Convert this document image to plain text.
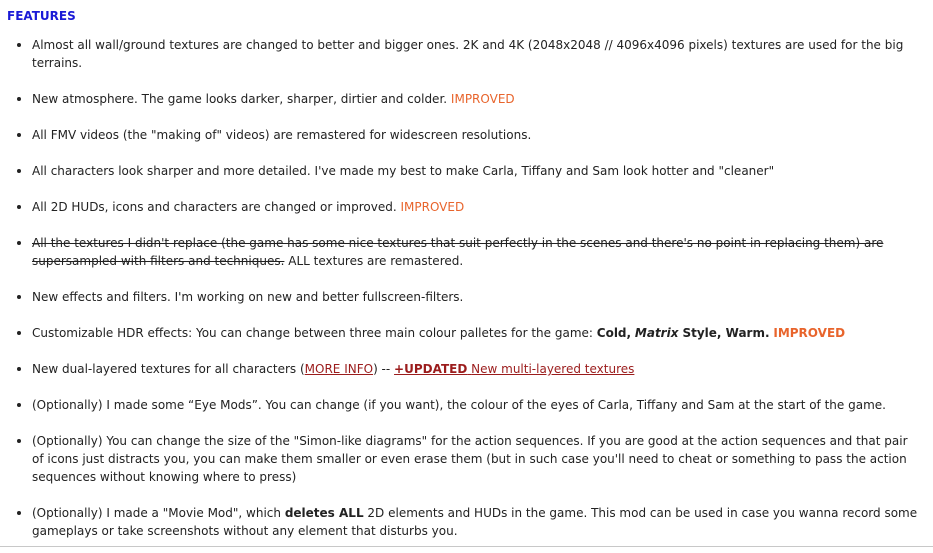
FEATURES
Almost all wall/ground textures are changed to better and bigger ones. 2K and 4K (2048x2048 // 4096x4096 pixels) textures are used for the big terrains.
New atmosphere. The game looks darker, sharper, dirtier and colder. IMPROVED
All FMV videos (the "making of" videos) are remastered for widescreen resolutions.
All characters look sharper and more detailed. I've made my best to make Carla, Tiffany and Sam look hotter and "cleaner"
All 2D HUDs, icons and characters are changed or improved. IMPROVED
All the textures I didn't replace (the game has some nice textures that suit perfectly in the scenes and there's no point in replacing them) are supersampled with filters and techniques. ALL textures are remastered.
New effects and filters. I'm working on new and better fullscreen-filters.
Customizable HDR effects: You can change between three main colour palletes for the game: Cold, Matrix Style, Warm. IMPROVED
New dual-layered textures for all characters (MORE INFO) -- +UPDATED New multi-layered textures
(Optionally) I made some “Eye Mods”. You can change (if you want), the colour of the eyes of Carla, Tiffany and Sam at the start of the game.
(Optionally) You can change the size of the "Simon-like diagrams" for the action sequences. If you are good at the action sequences and that pair of icons just distracts you, you can make them smaller or even erase them (but in such case you'll need to cheat or something to pass the action sequences without knowing where to press)
(Optionally) I made a "Movie Mod", which deletes ALL 2D elements and HUDs in the game. This mod can be used in case you wanna record some gameplays or take screenshots without any element that disturbs you.
